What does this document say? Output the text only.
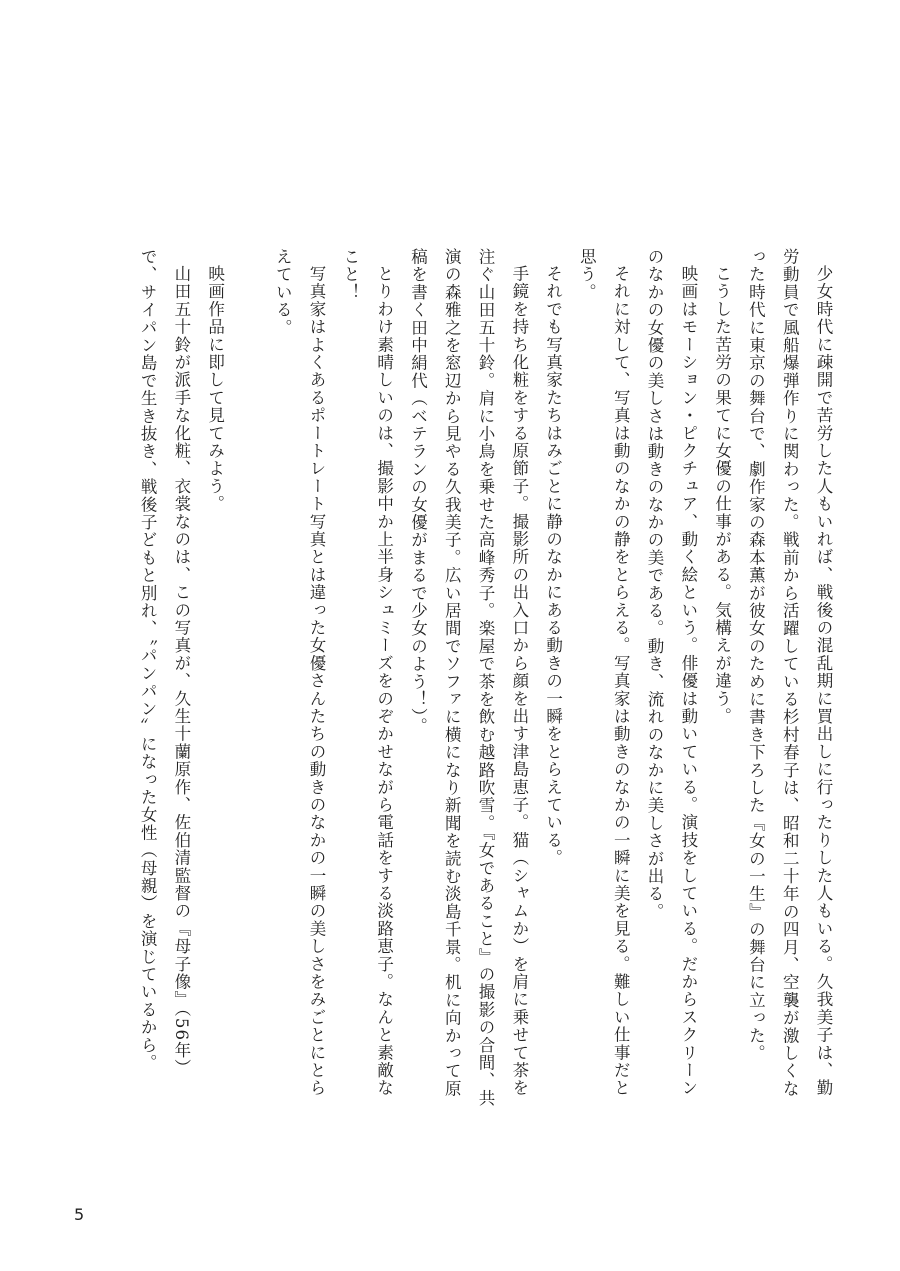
少女時代に疎開で苦労した人もいれば、戦後の混乱期に買出しに行ったりした人もいる。久我美子は、勤労動員で風船爆弾作りに関わった。戦前から活躍している杉村春子は、昭和二十年の四月、空襲が激しくなった時代に東京の舞台で、劇作家の森本薫が彼女のために書き下ろした『女の一生』の舞台に立った。

こうした苦労の果てに女優の仕事がある。気構えが違う。

映画はモーション・ピクチュア、動く絵という。俳優は動いている。演技をしている。だからスクリーンのなかの女優の美しさは動きのなかの美である。動き、流れのなかに美しさが出る。

それに対して、写真は動のなかの静をとらえる。写真家は動きのなかの一瞬に美を見る。難しい仕事だと思う。

それでも写真家たちはみごとに静のなかにある動きの一瞬をとらえている。

手鏡を持ち化粧をする原節子。撮影所の出入口から顔を出す津島恵子。猫（シャムか）を肩に乗せて茶を注ぐ山田五十鈴。肩に小鳥を乗せた高峰秀子。楽屋で茶を飲む越路吹雪。『女であること』の撮影の合間、共演の森雅之を窓辺から見やる久我美子。広い居間でソファに横になり新聞を読む淡島千景。机に向かって原稿を書く田中絹代（ベテランの女優がまるで少女のよう！）。

とりわけ素晴しいのは、撮影中か上半身シュミーズをのぞかせながら電話をする淡路恵子。なんと素敵なこと！

写真家はよくあるポートレート写真とは違った女優さんたちの動きのなかの一瞬の美しさをみごとにとらえている。

映画作品に即して見てみよう。

山田五十鈴が派手な化粧、衣裳なのは、この写真が、久生十蘭原作、佐伯清監督の『母子像』（56年）で、サイパン島で生き抜き、戦後子どもと別れ、〝パンパン〟になった女性（母親）を演じているから。

5
